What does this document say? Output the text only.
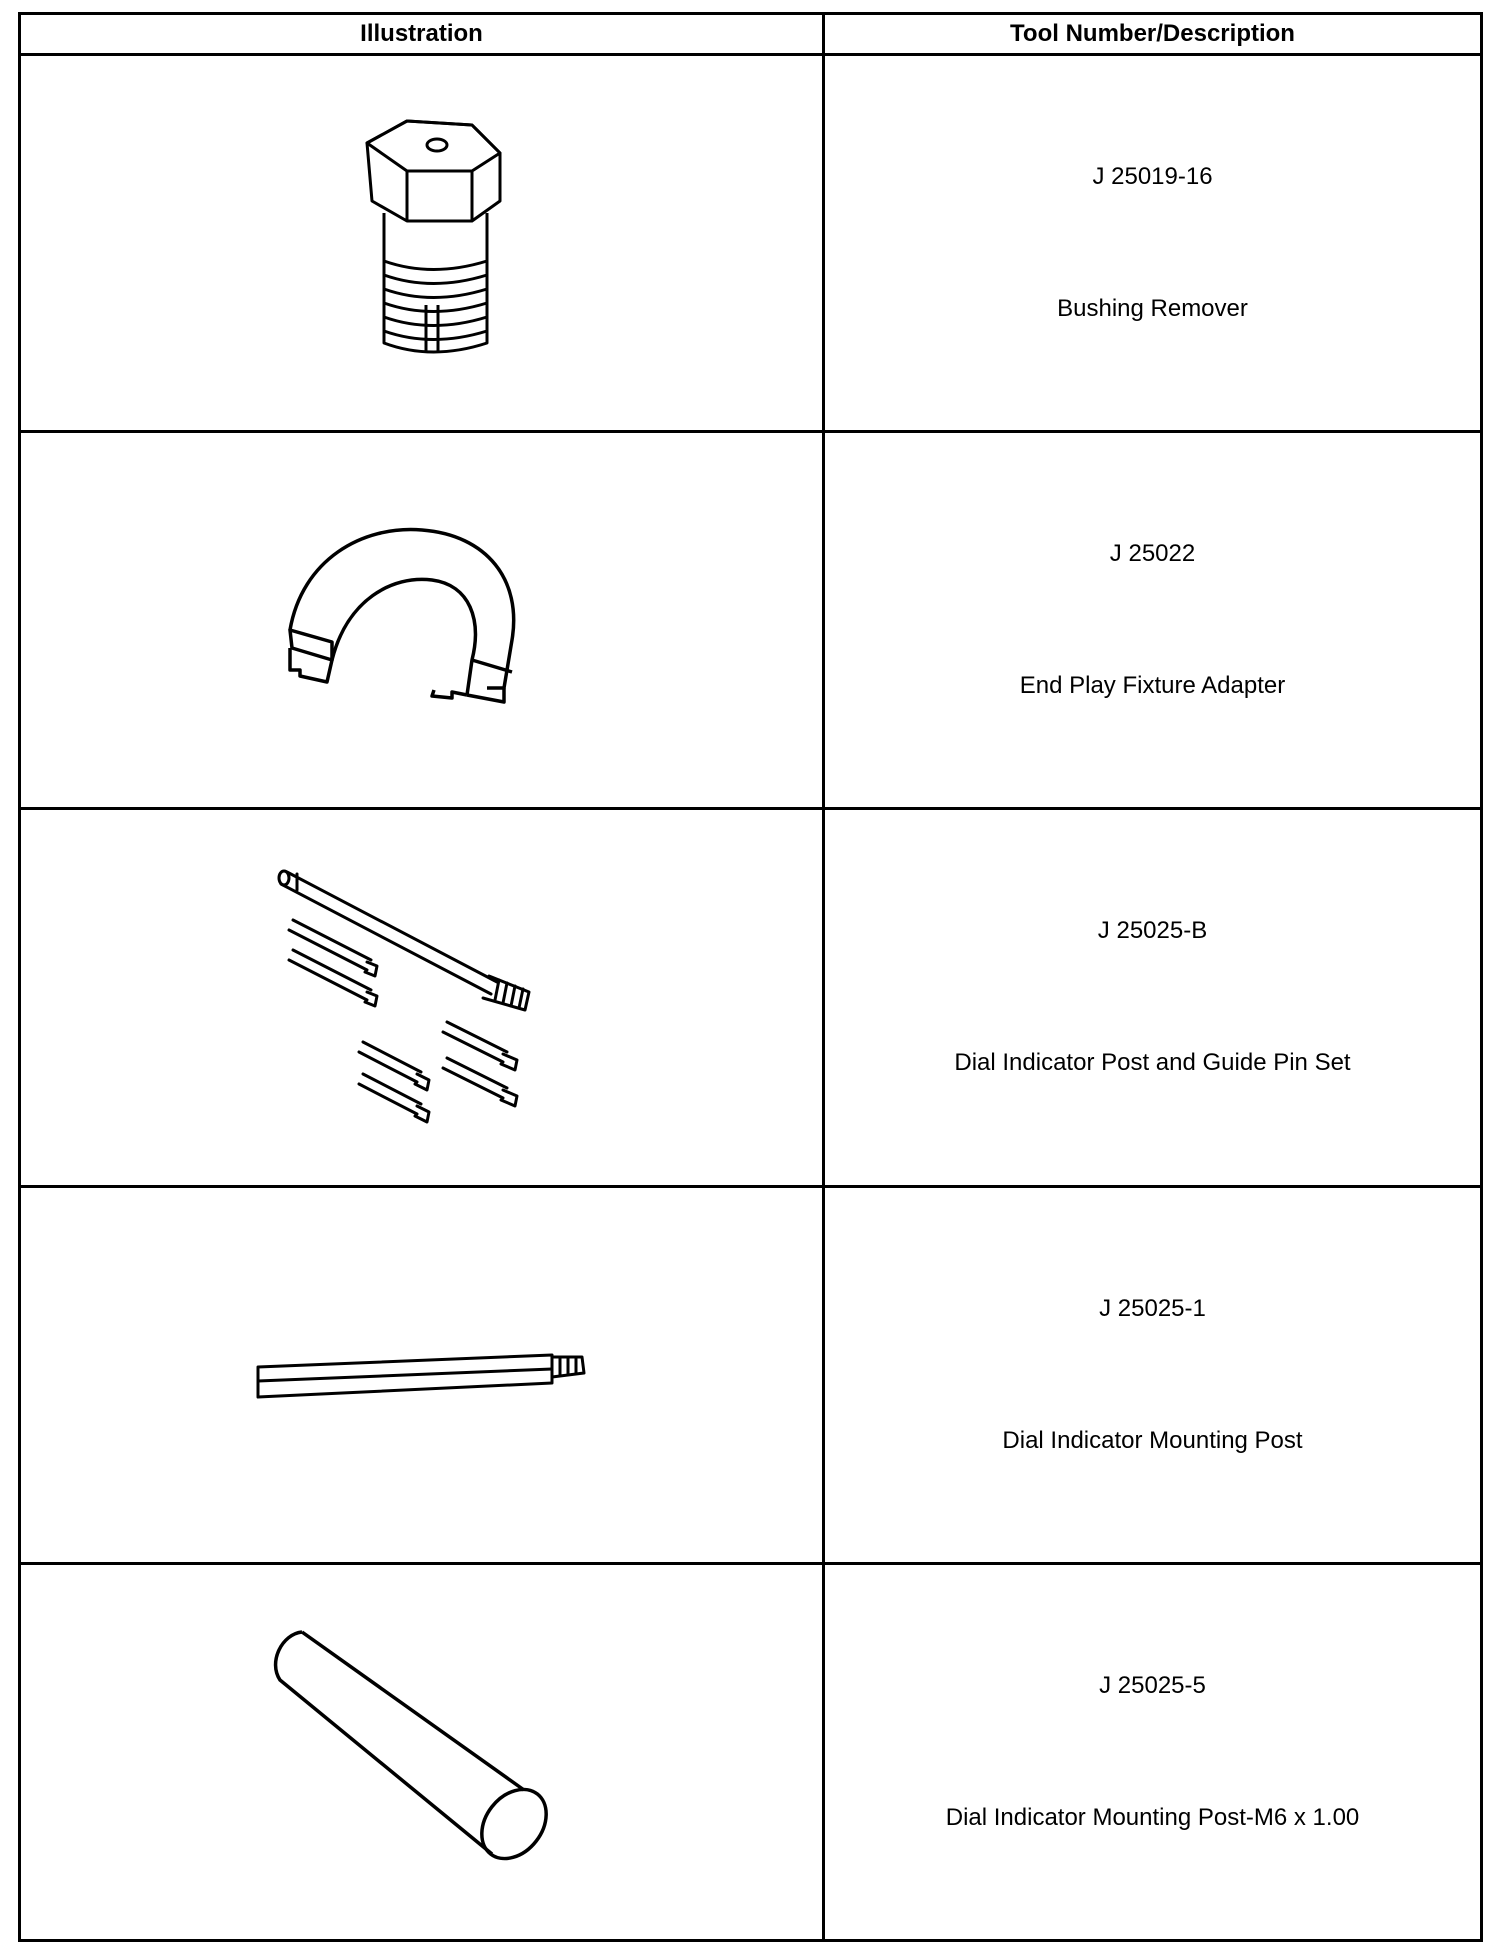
Illustration	Tool Number/Description

J 25019-16
Bushing Remover

J 25022
End Play Fixture Adapter

J 25025-B
Dial Indicator Post and Guide Pin Set

J 25025-1
Dial Indicator Mounting Post

J 25025-5
Dial Indicator Mounting Post-M6 x 1.00
